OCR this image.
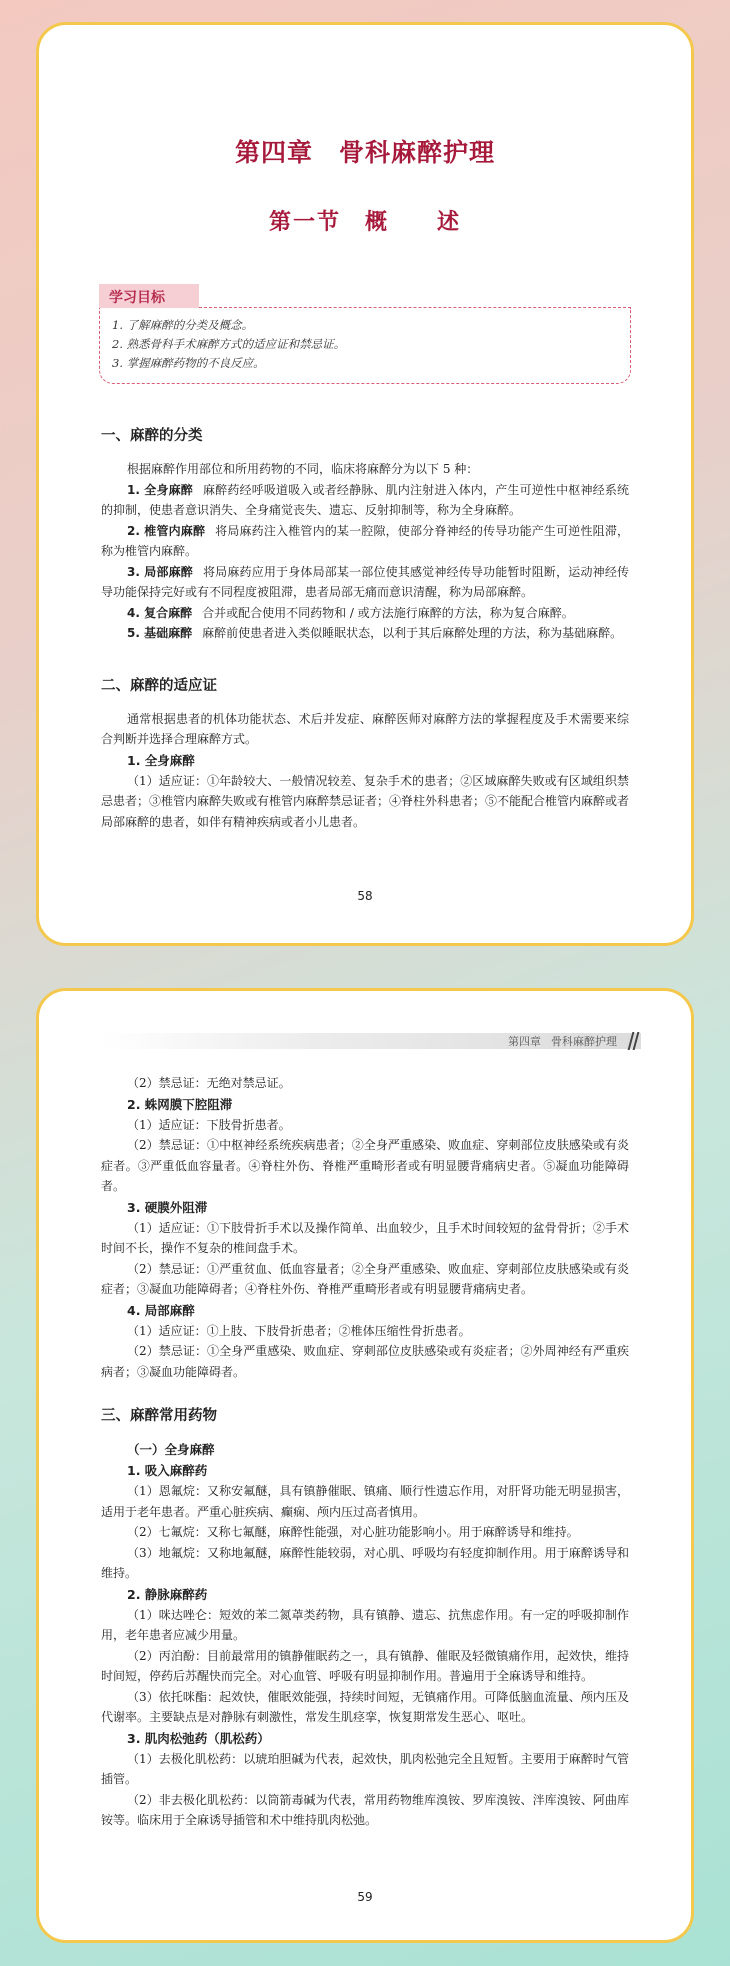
第四章　骨科麻醉护理
第一节　概　　述
学习目标
1. 了解麻醉的分类及概念。
2. 熟悉骨科手术麻醉方式的适应证和禁忌证。
3. 掌握麻醉药物的不良反应。
一、麻醉的分类

根据麻醉作用部位和所用药物的不同，临床将麻醉分为以下 5 种：

1. 全身麻醉 麻醉药经呼吸道吸入或者经静脉、肌内注射进入体内，产生可逆性中枢神经系统的抑制，使患者意识消失、全身痛觉丧失、遗忘、反射抑制等，称为全身麻醉。

2. 椎管内麻醉 将局麻药注入椎管内的某一腔隙，使部分脊神经的传导功能产生可逆性阻滞，称为椎管内麻醉。

3. 局部麻醉 将局麻药应用于身体局部某一部位使其感觉神经传导功能暂时阻断，运动神经传导功能保持完好或有不同程度被阻滞，患者局部无痛而意识清醒，称为局部麻醉。

4. 复合麻醉 合并或配合使用不同药物和 / 或方法施行麻醉的方法，称为复合麻醉。

5. 基础麻醉 麻醉前使患者进入类似睡眠状态，以利于其后麻醉处理的方法，称为基础麻醉。

二、麻醉的适应证

通常根据患者的机体功能状态、术后并发症、麻醉医师对麻醉方法的掌握程度及手术需要来综合判断并选择合理麻醉方式。

1. 全身麻醉

（1）适应证：①年龄较大、一般情况较差、复杂手术的患者；②区域麻醉失败或有区域组织禁忌患者；③椎管内麻醉失败或有椎管内麻醉禁忌证者；④脊柱外科患者；⑤不能配合椎管内麻醉或者局部麻醉的患者，如伴有精神疾病或者小儿患者。

58
第四章 骨科麻醉护理

（2）禁忌证：无绝对禁忌证。

2. 蛛网膜下腔阻滞

（1）适应证：下肢骨折患者。

（2）禁忌证：①中枢神经系统疾病患者；②全身严重感染、败血症、穿刺部位皮肤感染或有炎症者。③严重低血容量者。④脊柱外伤、脊椎严重畸形者或有明显腰背痛病史者。⑤凝血功能障碍者。

3. 硬膜外阻滞

（1）适应证：①下肢骨折手术以及操作简单、出血较少，且手术时间较短的盆骨骨折；②手术时间不长，操作不复杂的椎间盘手术。

（2）禁忌证：①严重贫血、低血容量者；②全身严重感染、败血症、穿刺部位皮肤感染或有炎症者；③凝血功能障碍者；④脊柱外伤、脊椎严重畸形者或有明显腰背痛病史者。

4. 局部麻醉

（1）适应证：①上肢、下肢骨折患者；②椎体压缩性骨折患者。

（2）禁忌证：①全身严重感染、败血症、穿刺部位皮肤感染或有炎症者；②外周神经有严重疾病者；③凝血功能障碍者。

三、麻醉常用药物
（一）全身麻醉
1. 吸入麻醉药

（1）恩氟烷：又称安氟醚，具有镇静催眠、镇痛、顺行性遗忘作用，对肝肾功能无明显损害，适用于老年患者。严重心脏疾病、癫痫、颅内压过高者慎用。

（2）七氟烷：又称七氟醚，麻醉性能强，对心脏功能影响小。用于麻醉诱导和维持。

（3）地氟烷：又称地氟醚，麻醉性能较弱，对心肌、呼吸均有轻度抑制作用。用于麻醉诱导和维持。

2. 静脉麻醉药

（1）咪达唑仑：短效的苯二氮䓬类药物，具有镇静、遗忘、抗焦虑作用。有一定的呼吸抑制作用，老年患者应减少用量。

（2）丙泊酚：目前最常用的镇静催眠药之一，具有镇静、催眠及轻微镇痛作用，起效快，维持时间短，停药后苏醒快而完全。对心血管、呼吸有明显抑制作用。普遍用于全麻诱导和维持。

（3）依托咪酯：起效快，催眠效能强，持续时间短，无镇痛作用。可降低脑血流量、颅内压及代谢率。主要缺点是对静脉有刺激性，常发生肌痉挛，恢复期常发生恶心、呕吐。

3. 肌肉松弛药（肌松药）

（1）去极化肌松药：以琥珀胆碱为代表，起效快，肌肉松弛完全且短暂。主要用于麻醉时气管插管。

（2）非去极化肌松药：以筒箭毒碱为代表，常用药物维库溴铵、罗库溴铵、泮库溴铵、阿曲库铵等。临床用于全麻诱导插管和术中维持肌肉松弛。

59
